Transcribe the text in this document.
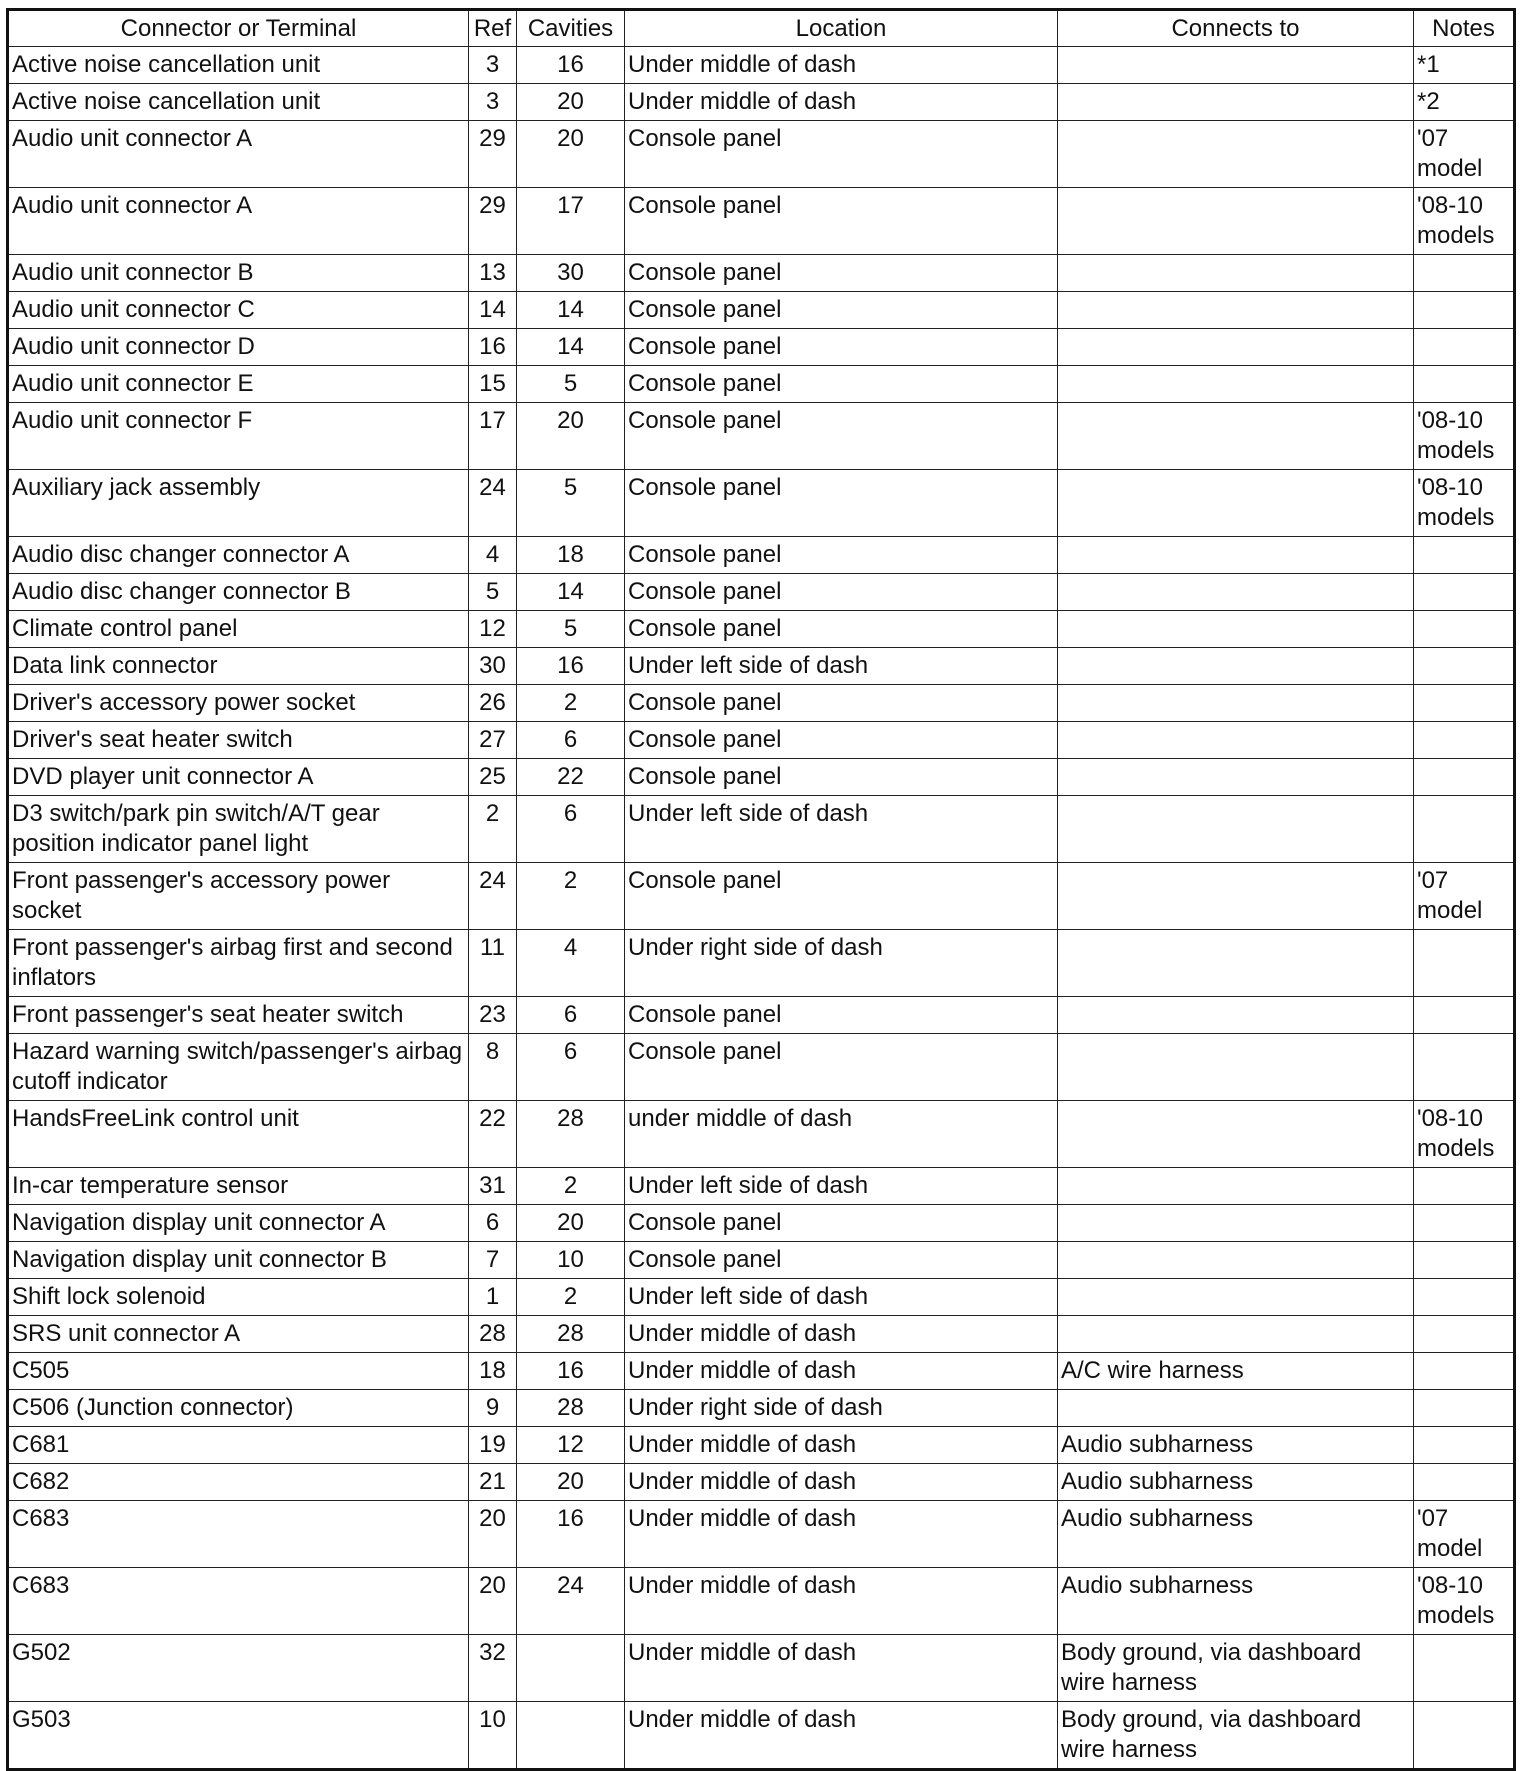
Connector or Terminal	Ref	Cavities	Location	Connects to	Notes
Active noise cancellation unit	3	16	Under middle of dash		*1
Active noise cancellation unit	3	20	Under middle of dash		*2
Audio unit connector A	29	20	Console panel		'07 model
Audio unit connector A	29	17	Console panel		'08-10 models
Audio unit connector B	13	30	Console panel		
Audio unit connector C	14	14	Console panel		
Audio unit connector D	16	14	Console panel		
Audio unit connector E	15	5	Console panel		
Audio unit connector F	17	20	Console panel		'08-10 models
Auxiliary jack assembly	24	5	Console panel		'08-10 models
Audio disc changer connector A	4	18	Console panel		
Audio disc changer connector B	5	14	Console panel		
Climate control panel	12	5	Console panel		
Data link connector	30	16	Under left side of dash		
Driver's accessory power socket	26	2	Console panel		
Driver's seat heater switch	27	6	Console panel		
DVD player unit connector A	25	22	Console panel		
D3 switch/park pin switch/A/T gear position indicator panel light	2	6	Under left side of dash		
Front passenger's accessory power socket	24	2	Console panel		'07 model
Front passenger's airbag first and second inflators	11	4	Under right side of dash		
Front passenger's seat heater switch	23	6	Console panel		
Hazard warning switch/passenger's airbag cutoff indicator	8	6	Console panel		
HandsFreeLink control unit	22	28	under middle of dash		'08-10 models
In-car temperature sensor	31	2	Under left side of dash		
Navigation display unit connector A	6	20	Console panel		
Navigation display unit connector B	7	10	Console panel		
Shift lock solenoid	1	2	Under left side of dash		
SRS unit connector A	28	28	Under middle of dash		
C505	18	16	Under middle of dash	A/C wire harness	
C506 (Junction connector)	9	28	Under right side of dash		
C681	19	12	Under middle of dash	Audio subharness	
C682	21	20	Under middle of dash	Audio subharness	
C683	20	16	Under middle of dash	Audio subharness	'07 model
C683	20	24	Under middle of dash	Audio subharness	'08-10 models
G502	32		Under middle of dash	Body ground, via dashboard wire harness	
G503	10		Under middle of dash	Body ground, via dashboard wire harness	
